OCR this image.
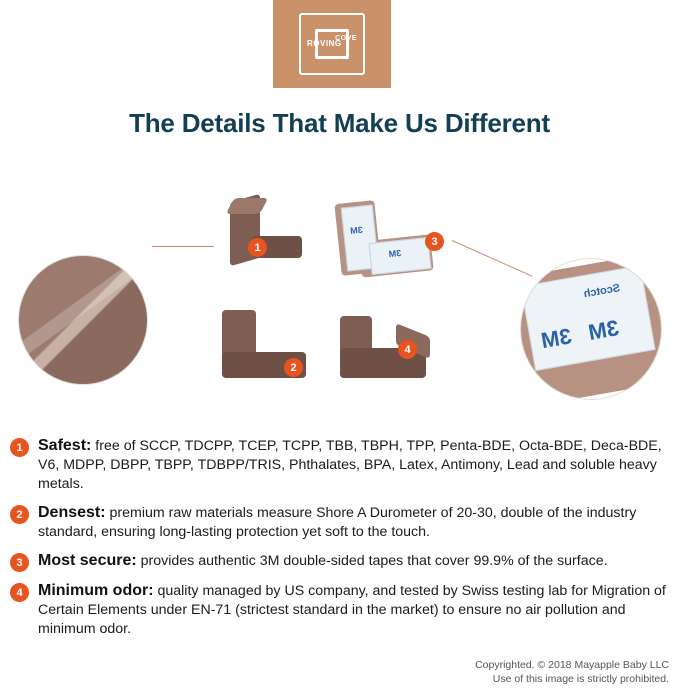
ROVING
COVE
The Details That Make Us Different
1
2
3M
3M
3
4
Scotch
3M 3M
1 Safest: free of SCCP, TDCPP, TCEP, TCPP, TBB, TBPH, TPP, Penta-BDE, Octa-BDE, Deca-BDE, V6, MDPP, DBPP, TBPP, TDBPP/TRIS, Phthalates, BPA, Latex, Antimony, Lead and soluble heavy metals.
2 Densest: premium raw materials measure Shore A Durometer of 20-30, double of the industry standard, ensuring long-lasting protection yet soft to the touch.
3 Most secure: provides authentic 3M double-sided tapes that cover 99.9% of the surface.
4 Minimum odor: quality managed by US company, and tested by Swiss testing lab for Migration of Certain Elements under EN-71 (strictest standard in the market) to ensure no air pollution and minimum odor.
Copyrighted. © 2018 Mayapple Baby LLC
Use of this image is strictly prohibited.
